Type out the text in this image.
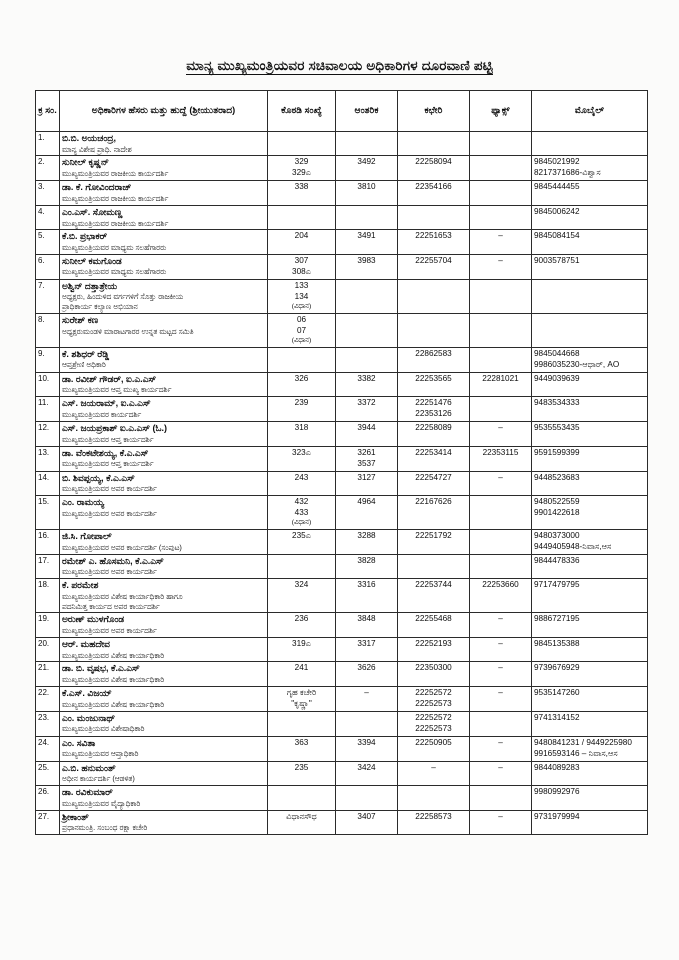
ಮಾನ್ಯ ಮುಖ್ಯಮಂತ್ರಿಯವರ ಸಚಿವಾಲಯ ಅಧಿಕಾರಿಗಳ ದೂರವಾಣಿ ಪಟ್ಟಿ
ಕ್ರ ಸಂ.	ಅಧಿಕಾರಿಗಳ ಹೆಸರು ಮತ್ತು ಹುದ್ದೆ (ಶ್ರೀಯುತರಾದ)	ಕೊಠಡಿ ಸಂಖ್ಯೆ	ಆಂತರಿಕ	ಕಛೇರಿ	ಫ್ಯಾಕ್ಸ್	ಮೊಬೈಲ್
1.	ಬಿ.ಬಿ. ಅಯಚಂದ್ರ,
ಮಾನ್ಯ ವಿಶೇಷ ಪ್ರಾಧಿ. ನಾದೇಶ					

2.	ಸುನೀಲ್ ಕೃಷ್ಣನ್
ಮುಖ್ಯಮಂತ್ರಿಯವರ ರಾಜಕೀಯ ಕಾರ್ಯದರ್ಶಿ	329
329ಎ	3492	22258094		9845021992
8217371686-ವಿಶ್ವಾಸ

3.	ಡಾ. ಕೆ. ಗೋವಿಂದರಾಜ್
ಮುಖ್ಯಮಂತ್ರಿಯವರ ರಾಜಕೀಯ ಕಾರ್ಯದರ್ಶಿ	338	3810	22354166		9845444455

4.	ಎಂ.ಎಸ್. ಸೋಮಣ್ಣ
ಮುಖ್ಯಮಂತ್ರಿಯವರ ರಾಜಕೀಯ ಕಾರ್ಯದರ್ಶಿ					9845006242

5.	ಕೆ.ಬಿ. ಪ್ರಭಾಕರ್
ಮುಖ್ಯಮಂತ್ರಿಯವರ ಮಾಧ್ಯಮ ಸಲಹೆಗಾರರು	204	3491	22251653	–	9845084154

6.	ಸುನೀಲ್ ಕಮಗೊಂಡ
ಮುಖ್ಯಮಂತ್ರಿಯವರ ಮಾಧ್ಯಮ ಸಲಹೆಗಾರರು	307
308ಎ	3983	22255704	–	9003578751

7.	ಅಶ್ವಿನ್ ದತ್ತಾತ್ರೇಯ
ಅಧ್ಯಕ್ಷರು, ಹಿಂದುಳಿದ ವರ್ಗಗಳಿಗೆ ಸೊತ್ತು ರಾಜಕೀಯ
ಪ್ರಾಧಿಕಾರ್ಯ ಕಲ್ಯಾಣ ಅಭಿಯಾನ	133
134
(ವಿಧಾನ)				

8.	ಸುರೇಶ್ ಕಣ
ಅಧ್ಯಕ್ಷರುಮಂಡಳಿ ಮಾರಾಟಗಾರರ ಉನ್ನತ ಮಟ್ಟದ ಸಮಿತಿ	06
07
(ವಿಧಾನ)				

9.	ಕೆ. ಶಶಿಧರ್ ರೆಡ್ಡಿ
ಆಪ್ತಶ್ರೇಣಿ ಅಧಿಕಾರಿ			22862583		9845044668
9986035230-ಆಧಾರ್, AO

10.	ಡಾ. ರವೀಶ್ ಗೌಡರ್, ಐ.ಎ.ಎಸ್
ಮುಖ್ಯಮಂತ್ರಿಯವರ ಆಪ್ತ ಮುಖ್ಯ ಕಾರ್ಯದರ್ಶಿ	326	3382	22253565	22281021	9449039639

11.	ಎಸ್. ಜಯರಾಮ್, ಐ.ಎ.ಎಸ್
ಮುಖ್ಯಮಂತ್ರಿಯವರ ಕಾರ್ಯದರ್ಶಿ	239	3372	22251476
22353126		9483534333

12.	ಎಸ್. ಜಯಪ್ರಕಾಶ್ ಐ.ಎ.ಎಸ್ (ಓ.)
ಮುಖ್ಯಮಂತ್ರಿಯವರ ಆಪ್ತ ಕಾರ್ಯದರ್ಶಿ	318	3944	22258089	–	9535553435

13.	ಡಾ. ವೆಂಕಟೇಶಯ್ಯ, ಕೆ.ಎ.ಎಸ್
ಮುಖ್ಯಮಂತ್ರಿಯವರ ಆಪ್ತ ಕಾರ್ಯದರ್ಶಿ	323ಎ	3261
3537	22253414	22353115	9591599399

14.	ಬಿ. ಶಿವಪ್ಪಯ್ಯ, ಕೆ.ಎ.ಎಸ್
ಮುಖ್ಯಮಂತ್ರಿಯವರ ಅಪರ ಕಾರ್ಯದರ್ಶಿ	243	3127	22254727	–	9448523683

15.	ಎಂ. ರಾಮಯ್ಯ
ಮುಖ್ಯಮಂತ್ರಿಯವರ ಅಪರ ಕಾರ್ಯದರ್ಶಿ	432
433
(ವಿಧಾನ)	4964	22167626		9480522559
9901422618

16.	ಜಿ.ಸಿ. ಗೋಪಾಲ್
ಮುಖ್ಯಮಂತ್ರಿಯವರ ಅಪರ ಕಾರ್ಯದರ್ಶಿ (ಸಂಪುಟ)	235ಎ	3288	22251792		9480373000
9449405948-ನಿವಾಸ,ಆಸ

17.	ರಮೇಶ್ ಎ. ಹೊಸಮನಿ, ಕೆ.ಎ.ಎಸ್
ಮುಖ್ಯಮಂತ್ರಿಯವರ ಅಪರ ಕಾರ್ಯದರ್ಶಿ		3828			9844478336

18.	ಕೆ. ಪರಮೇಶ
ಮುಖ್ಯಮಂತ್ರಿಯವರ ವಿಶೇಷ ಕಾರ್ಯಾಧಿಕಾರಿ ಹಾಗೂ
ಪದನಿಮಿತ್ತ ಕಾರ್ಯದ ಅಪರ ಕಾರ್ಯದರ್ಶಿ	324	3316	22253744	22253660	9717479795

19.	ಅರುಣ್ ಮುಳಗೊಂಡ
ಮುಖ್ಯಮಂತ್ರಿಯವರ ಅಪರ ಕಾರ್ಯದರ್ಶಿ	236	3848	22255468	–	9886727195

20.	ಆರ್. ಮಹದೇವ
ಮುಖ್ಯಮಂತ್ರಿಯವರ ವಿಶೇಷ ಕಾರ್ಯಾಧಿಕಾರಿ	319ಎ	3317	22252193	–	9845135388

21.	ಡಾ. ಬಿ. ವೃಷಭ, ಕೆ.ಎ.ಎಸ್
ಮುಖ್ಯಮಂತ್ರಿಯವರ ವಿಶೇಷ ಕಾರ್ಯಾಧಿಕಾರಿ	241	3626	22350300	–	9739676929

22.	ಕೆ.ಎಸ್. ವಿಜಯ್
ಮುಖ್ಯಮಂತ್ರಿಯವರ ವಿಶೇಷ ಕಾರ್ಯಾಧಿಕಾರಿ	ಗೃಹ ಕಚೇರಿ
"ಕೃಷ್ಣಾ"	–	22252572
22252573	–	9535147260

23.	ಎಂ. ಮಂಜುನಾಥ್
ಮುಖ್ಯಮಂತ್ರಿಯವರ ವಿಶೇಷಾಧಿಕಾರಿ			22252572
22252573		9741314152

24.	ಎಂ. ಸವಿತಾ
ಮುಖ್ಯಮಂತ್ರಿಯವರ ಆಪ್ತಾಧಿಕಾರಿ	363	3394	22250905	–	9480841231 / 9449225980
9916593146 – ನಿವಾಸ,ಆಸ

25.	ಎ.ಬಿ. ಹನುಮಂತ್
ಅಧೀನ ಕಾರ್ಯದರ್ಶಿ (ಆಡಳಿತ)	235	3424	–	–	9844089283

26.	ಡಾ. ರವಿಕುಮಾರ್
ಮುಖ್ಯಮಂತ್ರಿಯವರ ವೈದ್ಯಾಧಿಕಾರಿ					9980992976

27.	ಶ್ರೀಕಾಂತ್
ಪ್ರಧಾನಮಂತ್ರಿ. ಸಂಬಂಧ ರಕ್ಷಾ ಕಚೇರಿ	ವಿಧಾನಸೌಧ	3407	22258573	–	9731979994
